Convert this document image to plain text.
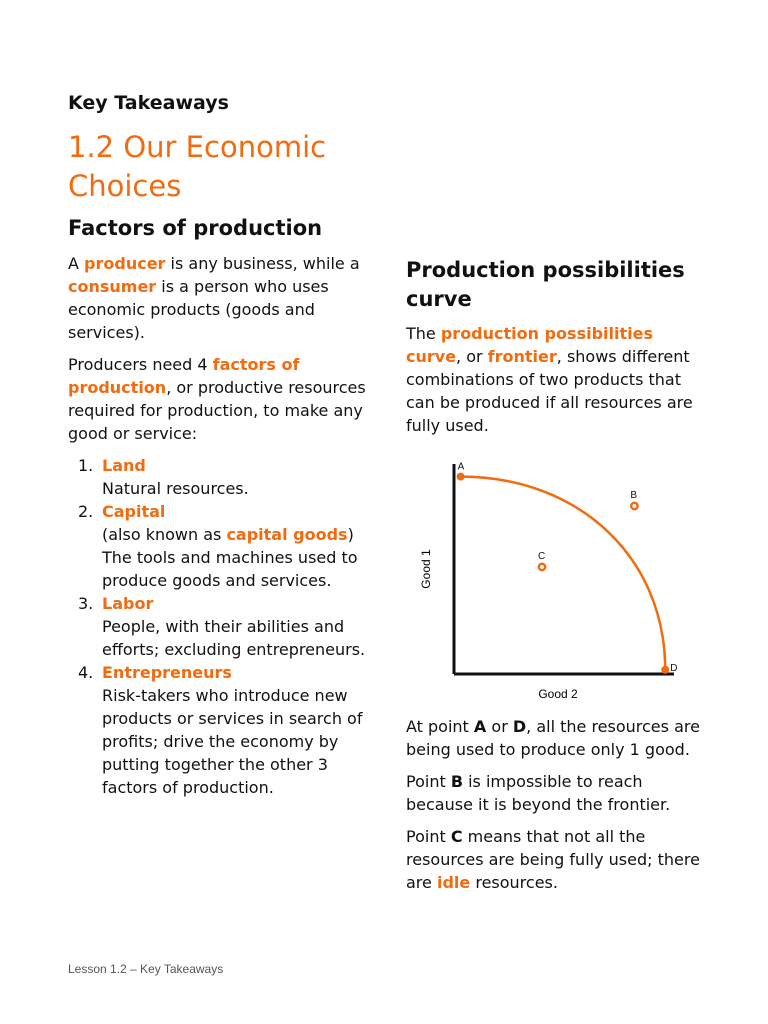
Key Takeaways
1.2 Our Economic Choices
Factors of production

A producer is any business, while a consumer is a person who uses economic products (goods and services).

Producers need 4 factors of production, or productive resources required for production, to make any good or service:

1. Land
Natural resources.
2. Capital
(also known as capital goods) The tools and machines used to produce goods and services.
3. Labor
People, with their abilities and efforts; excluding entrepreneurs.
4. Entrepreneurs
Risk-takers who introduce new products or services in search of profits; drive the economy by putting together the other 3 factors of production.
Production possibilities curve

The production possibilities curve, or frontier, shows different combinations of two products that can be produced if all resources are fully used.

A
B
C
D
Good 2
Good 1

At point A or D, all the resources are being used to produce only 1 good.

Point B is impossible to reach because it is beyond the frontier.

Point C means that not all the resources are being fully used; there are idle resources.

Lesson 1.2 – Key Takeaways
